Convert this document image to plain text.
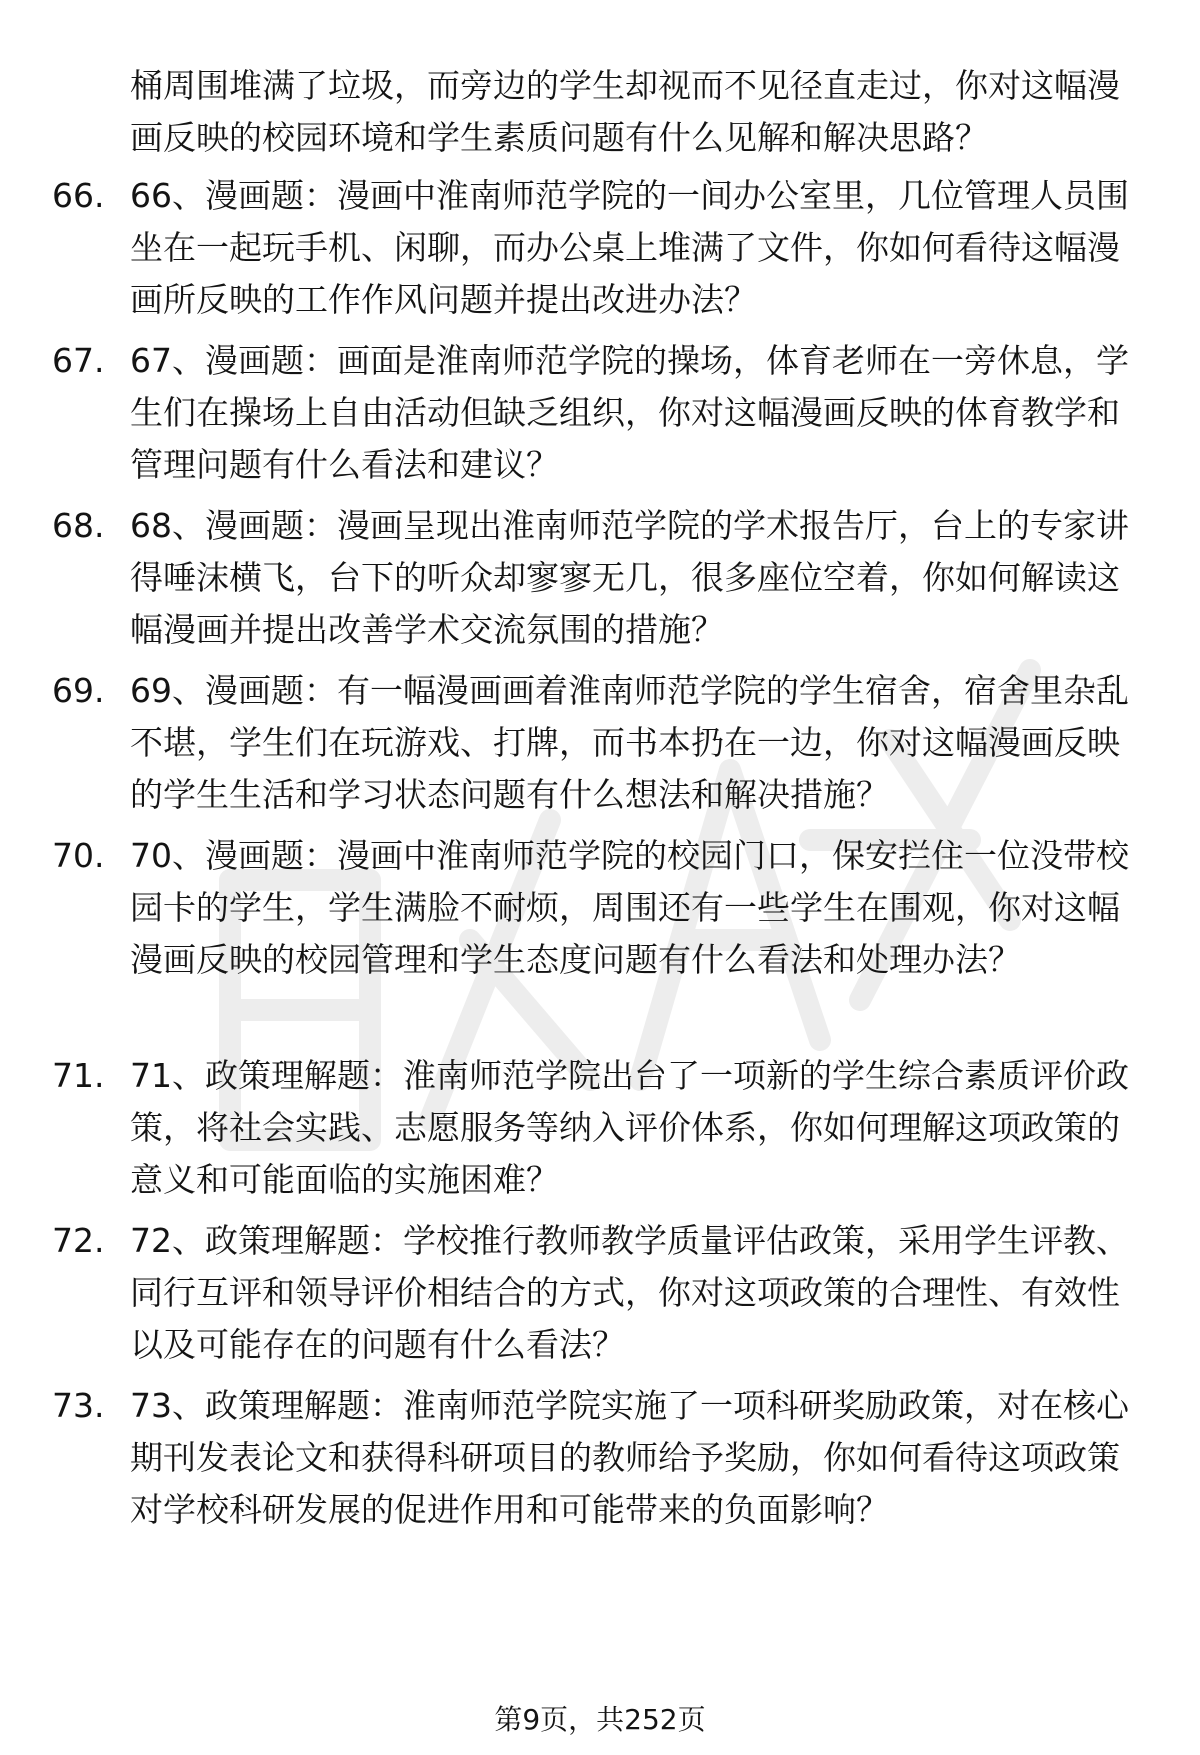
桶周围堆满了垃圾，而旁边的学生却视而不见径直走过，你对这幅漫画反映的校园环境和学生素质问题有什么见解和解决思路？

66. 66、漫画题：漫画中淮南师范学院的一间办公室里，几位管理人员围坐在一起玩手机、闲聊，而办公桌上堆满了文件，你如何看待这幅漫画所反映的工作作风问题并提出改进办法？

67. 67、漫画题：画面是淮南师范学院的操场，体育老师在一旁休息，学生们在操场上自由活动但缺乏组织，你对这幅漫画反映的体育教学和管理问题有什么看法和建议？

68. 68、漫画题：漫画呈现出淮南师范学院的学术报告厅，台上的专家讲得唾沫横飞，台下的听众却寥寥无几，很多座位空着，你如何解读这幅漫画并提出改善学术交流氛围的措施？

69. 69、漫画题：有一幅漫画画着淮南师范学院的学生宿舍，宿舍里杂乱不堪，学生们在玩游戏、打牌，而书本扔在一边，你对这幅漫画反映的学生生活和学习状态问题有什么想法和解决措施？

70. 70、漫画题：漫画中淮南师范学院的校园门口，保安拦住一位没带校园卡的学生，学生满脸不耐烦，周围还有一些学生在围观，你对这幅漫画反映的校园管理和学生态度问题有什么看法和处理办法？

71. 71、政策理解题：淮南师范学院出台了一项新的学生综合素质评价政策，将社会实践、志愿服务等纳入评价体系，你如何理解这项政策的意义和可能面临的实施困难？

72. 72、政策理解题：学校推行教师教学质量评估政策，采用学生评教、同行互评和领导评价相结合的方式，你对这项政策的合理性、有效性以及可能存在的问题有什么看法？

73. 73、政策理解题：淮南师范学院实施了一项科研奖励政策，对在核心期刊发表论文和获得科研项目的教师给予奖励，你如何看待这项政策对学校科研发展的促进作用和可能带来的负面影响？

第9页，共252页
